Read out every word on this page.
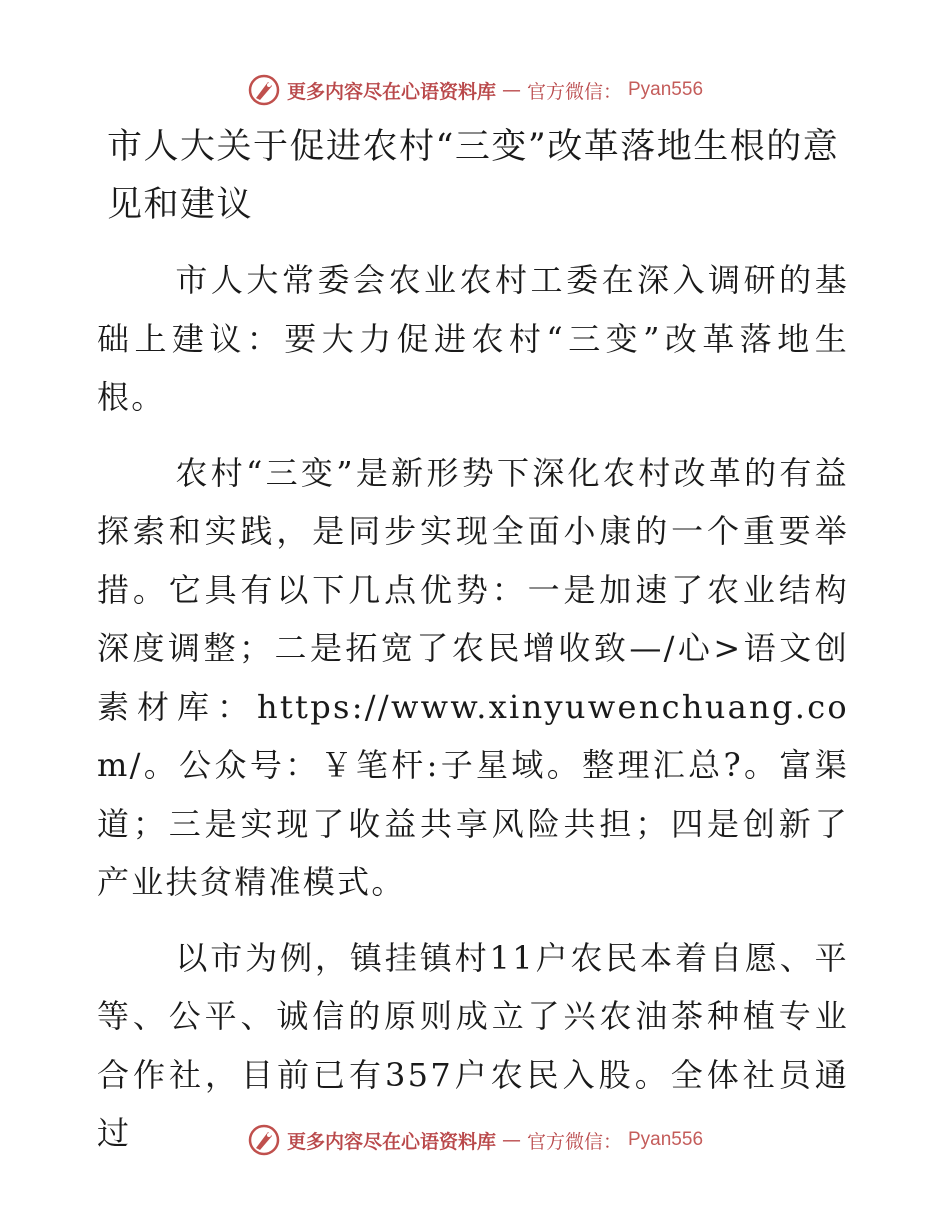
更多内容尽在心语资料库 — 官方微信： Pyan556
市人大关于促进农村“三变”改革落地生根的意见和建议

市人大常委会农业农村工委在深入调研的基础上建议：要大力促进农村“三变”改革落地生根。

农村“三变”是新形势下深化农村改革的有益探索和实践，是同步实现全面小康的一个重要举措。它具有以下几点优势：一是加速了农业结构深度调整；二是拓宽了农民增收致—/心>语文创素材库：https://www.xinyuwenchuang.com/。公众号：￥笔杆:子星域。整理汇总?。富渠道；三是实现了收益共享风险共担；四是创新了产业扶贫精准模式。

以市为例，镇挂镇村11户农民本着自愿、平等、公平、诚信的原则成立了兴农油茶种植专业合作社，目前已有357户农民入股。全体社员通过	更多内容尽在心语资料库 — 官方微信： Pyan556
